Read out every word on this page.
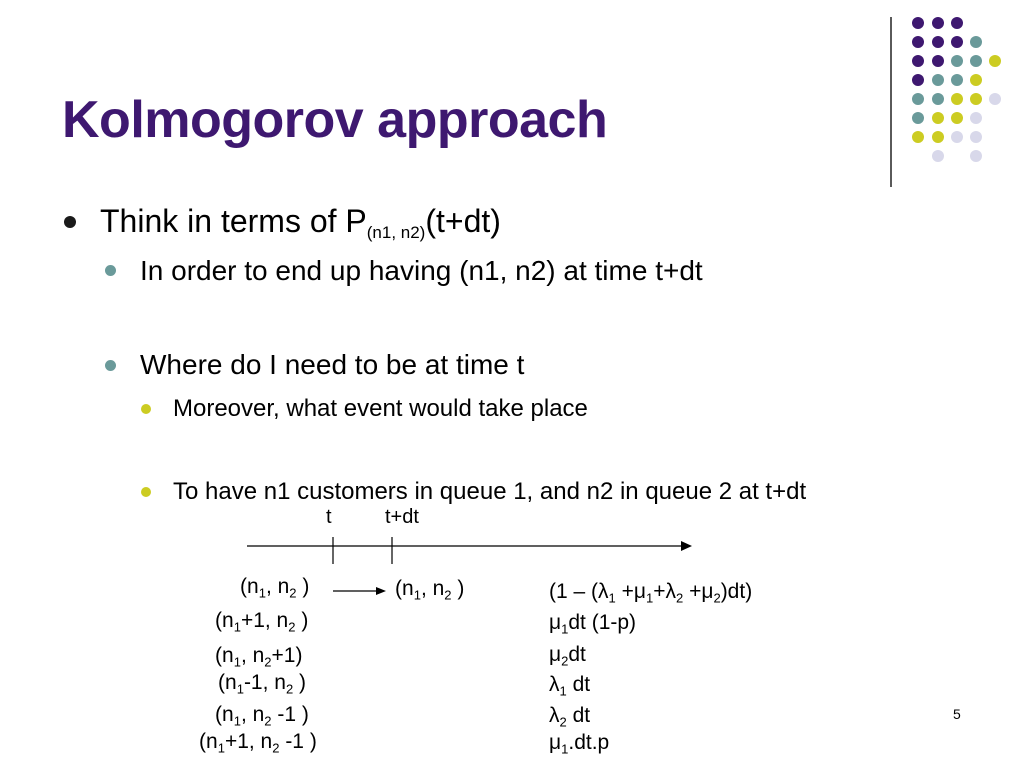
Kolmogorov approach
Think in terms of $P_{(n1, n2)}(t+dt)$
In order to end up having (n1, n2) at time t+dt
Where do I need to be at time t
Moreover, what event would take place
To have n1 customers in queue 1, and n2 in queue 2 at t+dt
t	t+dt
($n_1$, $n_2$ )
($n_1+1$, $n_2$ )
($n_1$, $n_2+1$)
($n_1-1$, $n_2$ )
($n_1$, $n_2$ -1 )
($n_1+1$, $n_2$ -1 )
($n_1$, $n_2$ )	$(1 - (\lambda_1 +\mu_1+\lambda_2 +\mu_2)dt)$
$\mu_1dt$ (1-p)
$\mu_2dt$
$\lambda_1$ dt
$\lambda_2$ dt
$\mu_1.dt.p$
5
